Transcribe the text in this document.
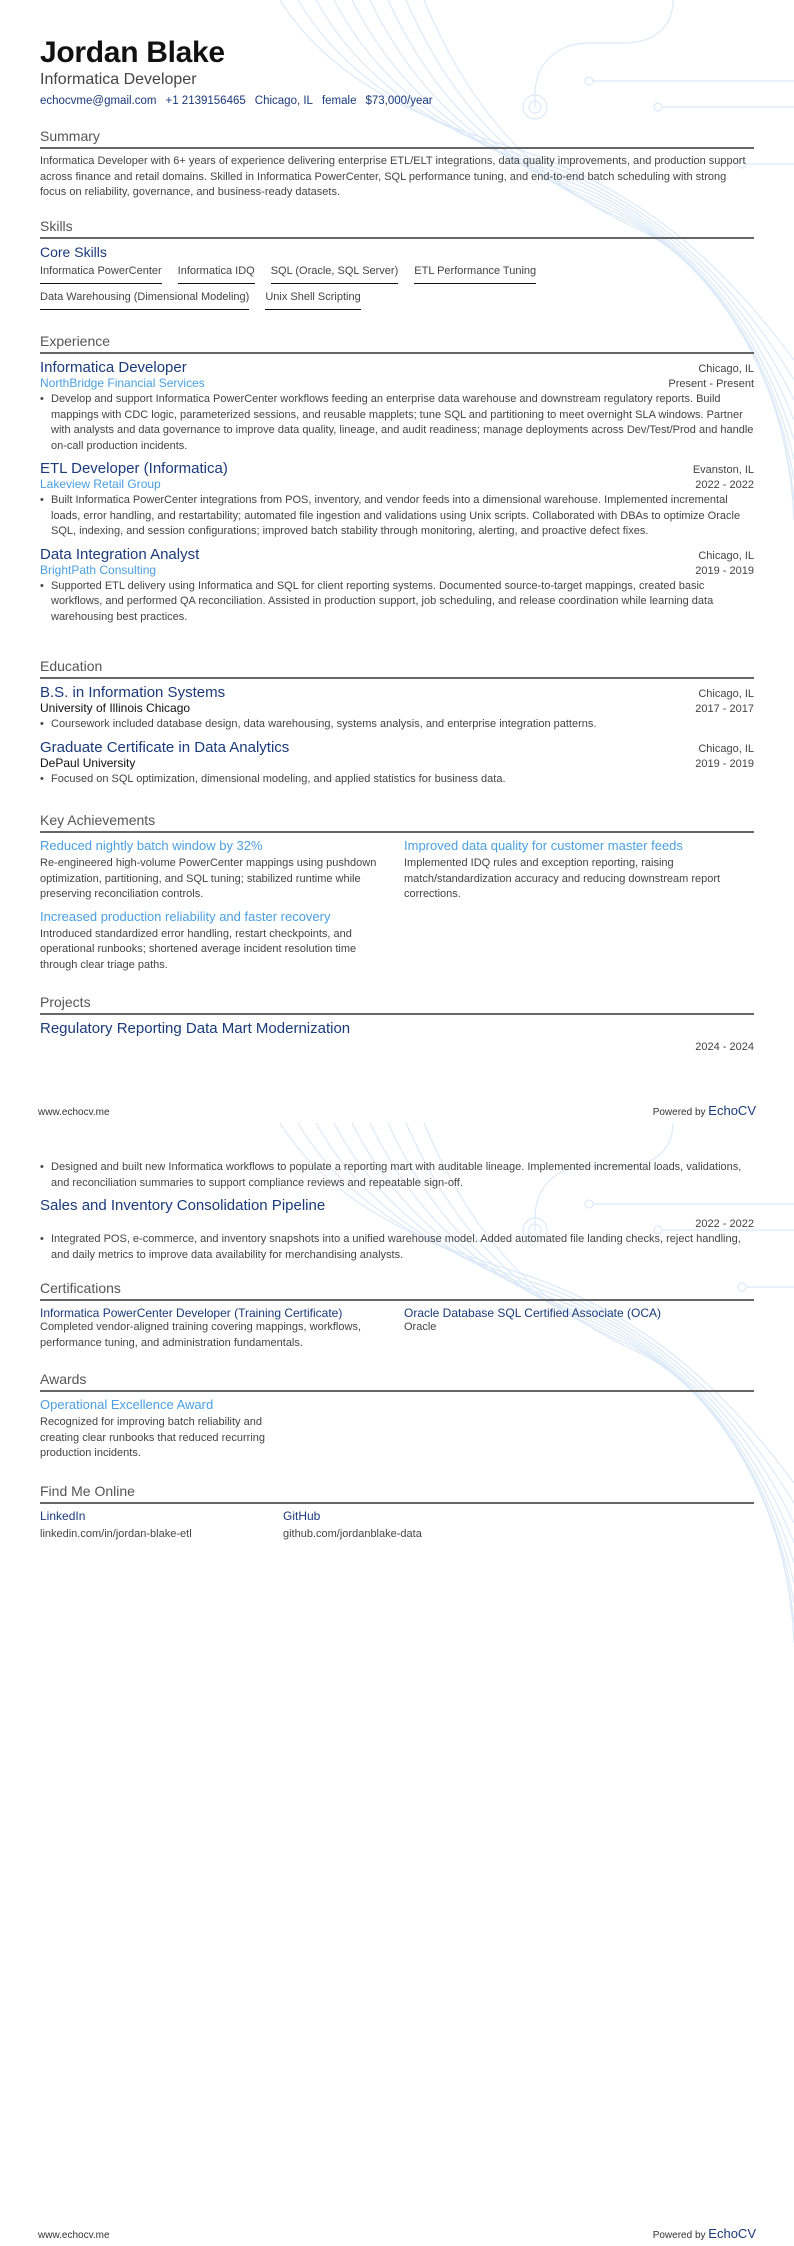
Jordan Blake
Informatica Developer
echocvme@gmail.com +1 2139156465 Chicago, IL female $73,000/year
Summary
Informatica Developer with 6+ years of experience delivering enterprise ETL/ELT integrations, data quality improvements, and production support across finance and retail domains. Skilled in Informatica PowerCenter, SQL performance tuning, and end-to-end batch scheduling with strong focus on reliability, governance, and business-ready datasets.
Skills
Core Skills
Informatica PowerCenter Informatica IDQ SQL (Oracle, SQL Server) ETL Performance Tuning
Data Warehousing (Dimensional Modeling) Unix Shell Scripting
Experience
Informatica Developer	Chicago, IL
NorthBridge Financial Services	Present - Present
• Develop and support Informatica PowerCenter workflows feeding an enterprise data warehouse and downstream regulatory reports. Build mappings with CDC logic, parameterized sessions, and reusable mapplets; tune SQL and partitioning to meet overnight SLA windows. Partner with analysts and data governance to improve data quality, lineage, and audit readiness; manage deployments across Dev/Test/Prod and handle on-call production incidents.
ETL Developer (Informatica)	Evanston, IL
Lakeview Retail Group	2022 - 2022
• Built Informatica PowerCenter integrations from POS, inventory, and vendor feeds into a dimensional warehouse. Implemented incremental loads, error handling, and restartability; automated file ingestion and validations using Unix scripts. Collaborated with DBAs to optimize Oracle SQL, indexing, and session configurations; improved batch stability through monitoring, alerting, and proactive defect fixes.
Data Integration Analyst	Chicago, IL
BrightPath Consulting	2019 - 2019
• Supported ETL delivery using Informatica and SQL for client reporting systems. Documented source-to-target mappings, created basic workflows, and performed QA reconciliation. Assisted in production support, job scheduling, and release coordination while learning data warehousing best practices.
Education
B.S. in Information Systems	Chicago, IL
University of Illinois Chicago	2017 - 2017
• Coursework included database design, data warehousing, systems analysis, and enterprise integration patterns.
Graduate Certificate in Data Analytics	Chicago, IL
DePaul University	2019 - 2019
• Focused on SQL optimization, dimensional modeling, and applied statistics for business data.
Key Achievements
Reduced nightly batch window by 32%
Re-engineered high-volume PowerCenter mappings using pushdown optimization, partitioning, and SQL tuning; stabilized runtime while preserving reconciliation controls.
Increased production reliability and faster recovery
Introduced standardized error handling, restart checkpoints, and operational runbooks; shortened average incident resolution time through clear triage paths.
Improved data quality for customer master feeds
Implemented IDQ rules and exception reporting, raising match/standardization accuracy and reducing downstream report corrections.
Projects
Regulatory Reporting Data Mart Modernization
2024 - 2024
www.echocv.me	Powered by EchoCV
• Designed and built new Informatica workflows to populate a reporting mart with auditable lineage. Implemented incremental loads, validations, and reconciliation summaries to support compliance reviews and repeatable sign-off.
Sales and Inventory Consolidation Pipeline
2022 - 2022
• Integrated POS, e-commerce, and inventory snapshots into a unified warehouse model. Added automated file landing checks, reject handling, and daily metrics to improve data availability for merchandising analysts.
Certifications
Informatica PowerCenter Developer (Training Certificate)
Completed vendor-aligned training covering mappings, workflows, performance tuning, and administration fundamentals.
Oracle Database SQL Certified Associate (OCA)
Oracle
Awards
Operational Excellence Award
Recognized for improving batch reliability and creating clear runbooks that reduced recurring production incidents.
Find Me Online
LinkedIn
linkedin.com/in/jordan-blake-etl
GitHub
github.com/jordanblake-data
www.echocv.me	Powered by EchoCV
